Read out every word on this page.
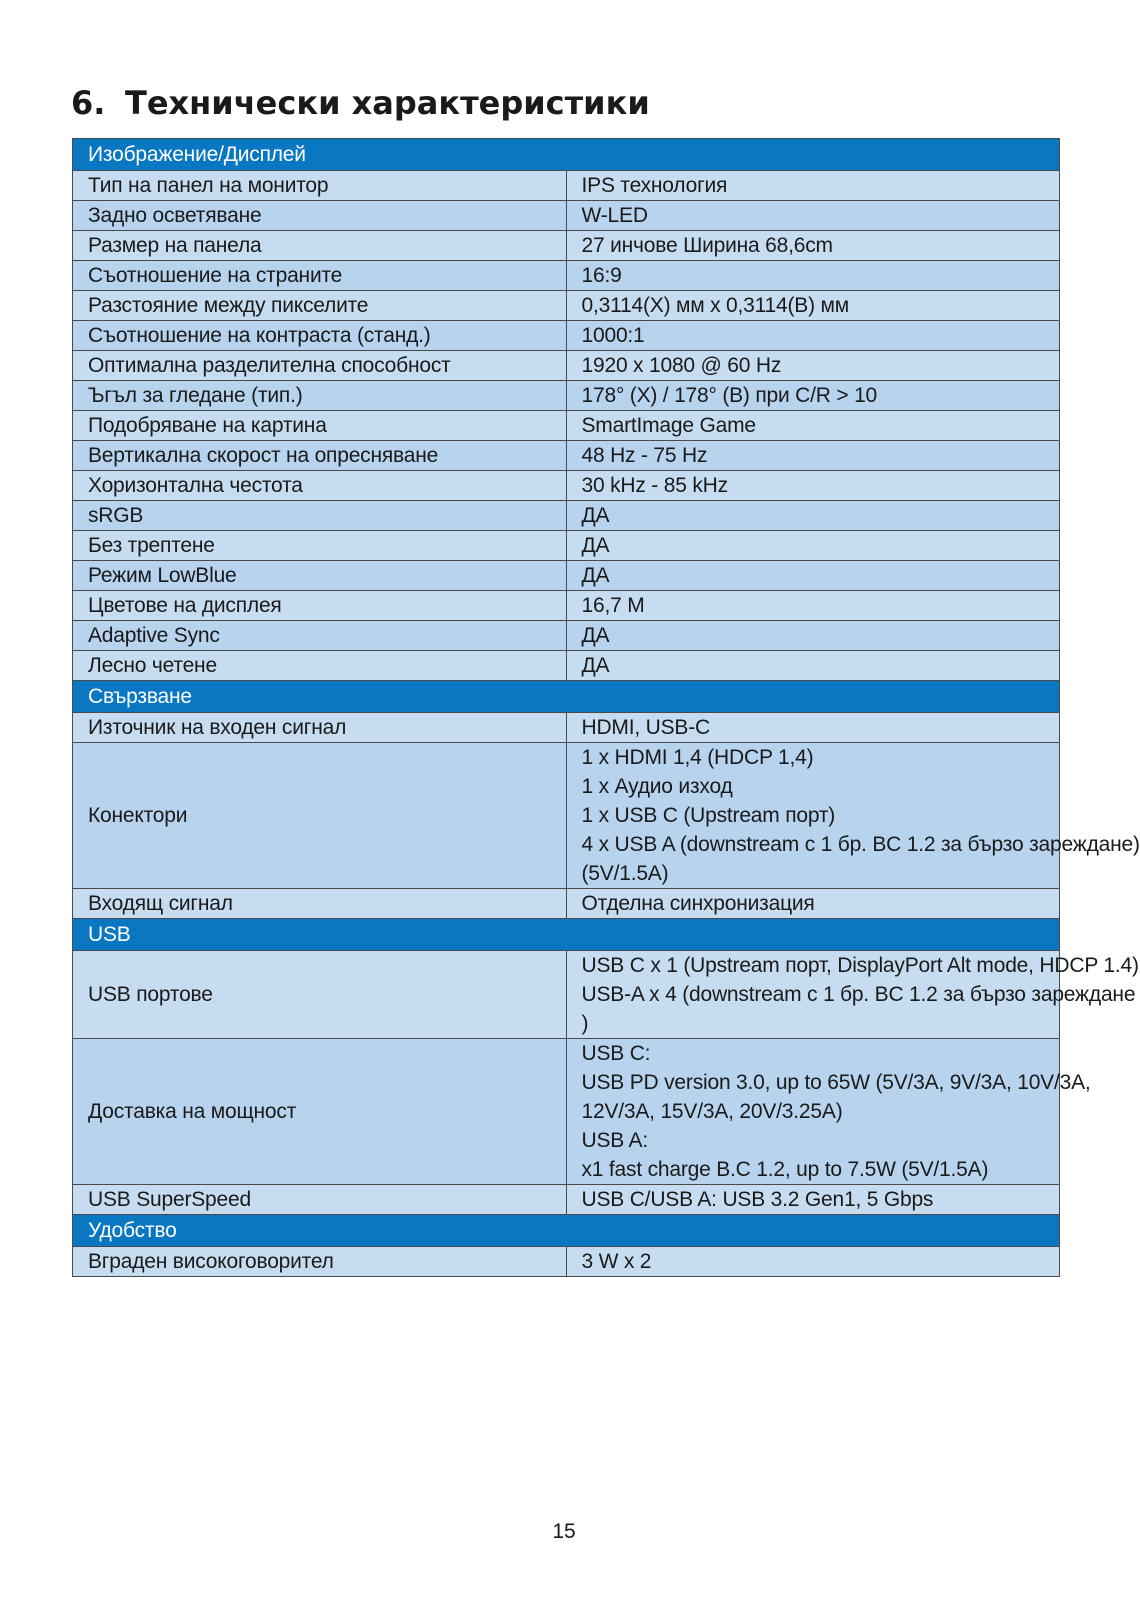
6. Технически характеристики
Изображение/Дисплей	
Тип на панел на монитор	IPS технология

Задно осветяване	W-LED

Размер на панела	27 инчове Ширина 68,6cm

Съотношение на страните	16:9

Разстояние между пикселите	0,3114(X) мм x 0,3114(В) мм

Съотношение на контраста (станд.)	1000:1

Оптимална разделителна способност	1920 x 1080 @ 60 Hz

Ъгъл за гледане (тип.)	178° (Х) / 178° (В) при C/R > 10

Подобряване на картина	SmartImage Game

Вертикална скорост на опресняване	48 Hz - 75 Hz

Хоризонтална честота	30 kHz - 85 kHz

sRGB	ДА

Без трептене	ДА

Режим LowBlue	ДА

Цветове на дисплея	16,7 M

Adaptive Sync	ДА

Лесно четене	ДА

Свързване	
Източник на входен сигнал	HDMI, USB-C

Конектори	1 x HDMI 1,4 (HDCP 1,4)
1 x Аудио изход
1 x USB C (Upstream порт)
4 x USB A (downstream с 1 бр. BC 1.2 за бързо зареждане)
(5V/1.5A)

Входящ сигнал	Отделна синхронизация

USB	
USB портове	USB C x 1 (Upstream порт, DisplayPort Alt mode, HDCP 1.4)
USB-A x 4 (downstream с 1 бр. BC 1.2 за бързо зареждане
)

Доставка на мощност	USB C:
USB PD version 3.0, up to 65W (5V/3A, 9V/3A, 10V/3A,
12V/3A, 15V/3A, 20V/3.25A)
USB A:
x1 fast charge B.C 1.2, up to 7.5W (5V/1.5A)

USB SuperSpeed	USB C/USB A: USB 3.2 Gen1, 5 Gbps

Удобство	
Вграден високоговорител	3 W x 2
15
